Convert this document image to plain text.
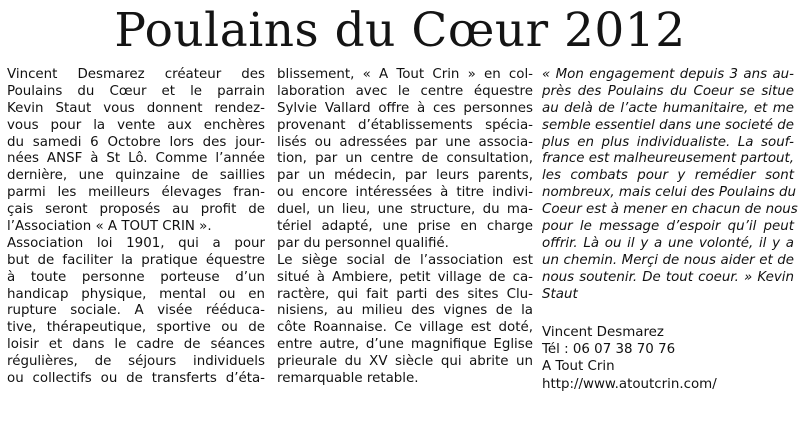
Poulains du Cœur 2012
Vincent Desmarez créateur des
Poulains du Cœur et le parrain
Kevin Staut vous donnent rendez-
vous pour la vente aux enchères
du samedi 6 Octobre lors des jour-
nées ANSF à St Lô. Comme l’année
dernière, une quinzaine de saillies
parmi les meilleurs élevages fran-
çais seront proposés au profit de
l’Association « A TOUT CRIN ».
Association loi 1901, qui a pour
but de faciliter la pratique équestre
à toute personne porteuse d’un
handicap physique, mental ou en
rupture sociale. A visée rééduca-
tive, thérapeutique, sportive ou de
loisir et dans le cadre de séances
régulières, de séjours individuels
ou collectifs ou de transferts d’éta-
blissement, « A Tout Crin » en col-
laboration avec le centre équestre
Sylvie Vallard offre à ces personnes
provenant d’établissements spécia-
lisés ou adressées par une associa-
tion, par un centre de consultation,
par un médecin, par leurs parents,
ou encore intéressées à titre indivi-
duel, un lieu, une structure, du ma-
tériel adapté, une prise en charge
par du personnel qualifié.
Le siège social de l’association est
situé à Ambiere, petit village de ca-
ractère, qui fait parti des sites Clu-
nisiens, au milieu des vignes de la
côte Roannaise. Ce village est doté,
entre autre, d’une magnifique Eglise
prieurale du XV siècle qui abrite un
remarquable retable.
« Mon engagement depuis 3 ans au-
près des Poulains du Coeur se situe
au delà de l’acte humanitaire, et me
semble essentiel dans une societé de
plus en plus individualiste. La souf-
france est malheureusement partout,
les combats pour y remédier sont
nombreux, mais celui des Poulains du
Coeur est à mener en chacun de nous
pour le message d’espoir qu’il peut
offrir. Là ou il y a une volonté, il y a
un chemin. Merçi de nous aider et de
nous soutenir. De tout coeur. » Kevin
Staut
Vincent Desmarez
Tél : 06 07 38 70 76
A Tout Crin
http://www.atoutcrin.com/
